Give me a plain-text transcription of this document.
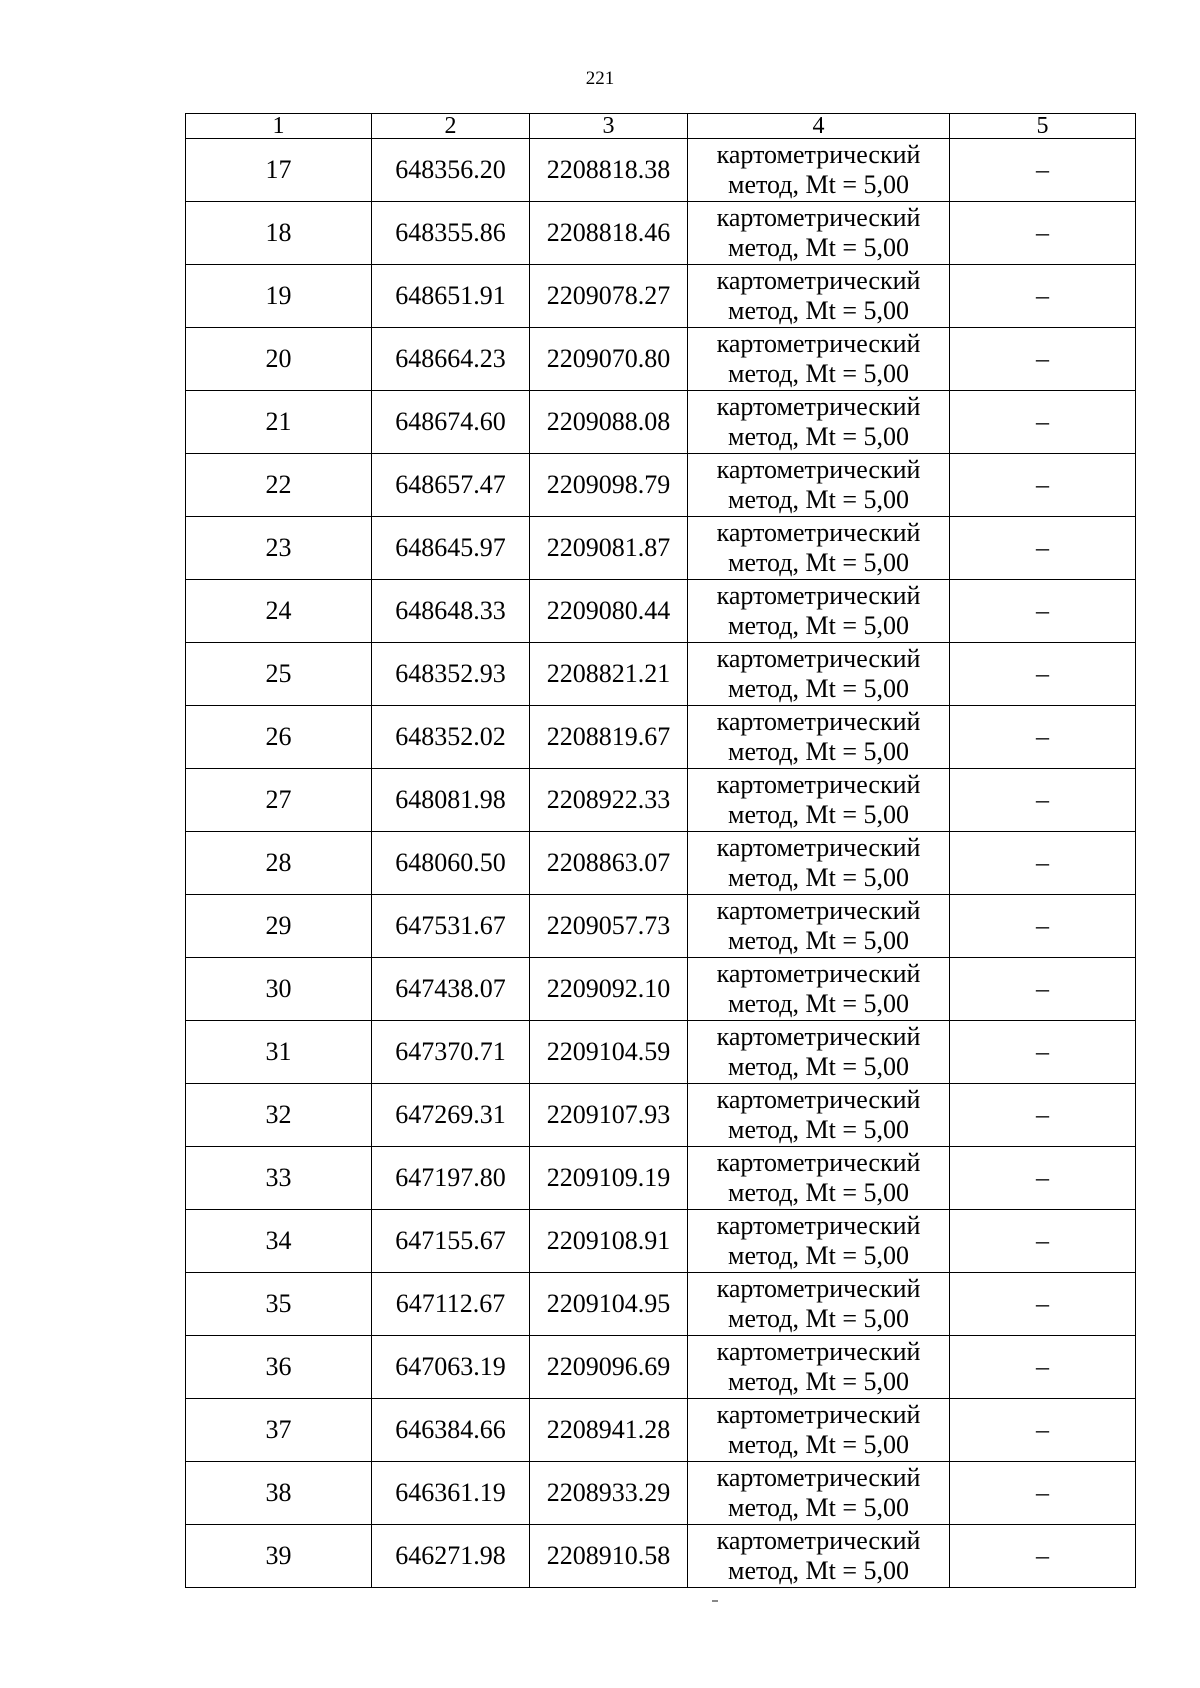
221
1	2	3	4	5
17	648356.20	2208818.38	картометрический
метод, Mt = 5,00	–
18	648355.86	2208818.46	картометрический
метод, Mt = 5,00	–
19	648651.91	2209078.27	картометрический
метод, Mt = 5,00	–
20	648664.23	2209070.80	картометрический
метод, Mt = 5,00	–
21	648674.60	2209088.08	картометрический
метод, Mt = 5,00	–
22	648657.47	2209098.79	картометрический
метод, Mt = 5,00	–
23	648645.97	2209081.87	картометрический
метод, Mt = 5,00	–
24	648648.33	2209080.44	картометрический
метод, Mt = 5,00	–
25	648352.93	2208821.21	картометрический
метод, Mt = 5,00	–
26	648352.02	2208819.67	картометрический
метод, Mt = 5,00	–
27	648081.98	2208922.33	картометрический
метод, Mt = 5,00	–
28	648060.50	2208863.07	картометрический
метод, Mt = 5,00	–
29	647531.67	2209057.73	картометрический
метод, Mt = 5,00	–
30	647438.07	2209092.10	картометрический
метод, Mt = 5,00	–
31	647370.71	2209104.59	картометрический
метод, Mt = 5,00	–
32	647269.31	2209107.93	картометрический
метод, Mt = 5,00	–
33	647197.80	2209109.19	картометрический
метод, Mt = 5,00	–
34	647155.67	2209108.91	картометрический
метод, Mt = 5,00	–
35	647112.67	2209104.95	картометрический
метод, Mt = 5,00	–
36	647063.19	2209096.69	картометрический
метод, Mt = 5,00	–
37	646384.66	2208941.28	картометрический
метод, Mt = 5,00	–
38	646361.19	2208933.29	картометрический
метод, Mt = 5,00	–
39	646271.98	2208910.58	картометрический
метод, Mt = 5,00	–
